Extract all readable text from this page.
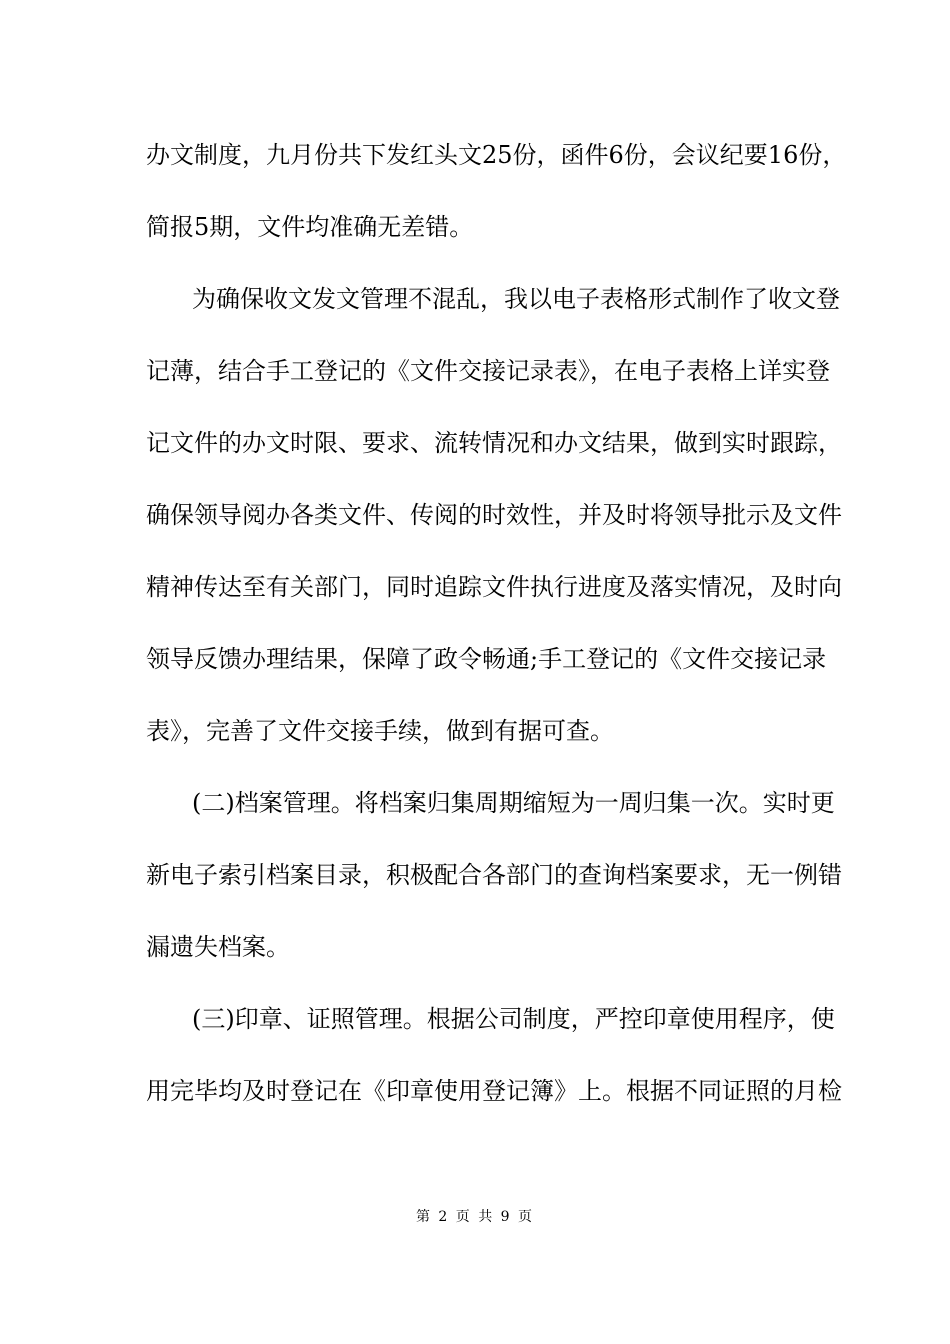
办文制度，九月份共下发红头文25份，函件6份，会议纪要16份，
简报5期，文件均准确无差错。
为确保收文发文管理不混乱，我以电子表格形式制作了收文登
记薄，结合手工登记的《文件交接记录表》，在电子表格上详实登
记文件的办文时限、要求、流转情况和办文结果，做到实时跟踪，
确保领导阅办各类文件、传阅的时效性，并及时将领导批示及文件
精神传达至有关部门，同时追踪文件执行进度及落实情况，及时向
领导反馈办理结果，保障了政令畅通;手工登记的《文件交接记录
表》，完善了文件交接手续，做到有据可查。
(二)档案管理。将档案归集周期缩短为一周归集一次。实时更
新电子索引档案目录，积极配合各部门的查询档案要求，无一例错
漏遗失档案。
(三)印章、证照管理。根据公司制度，严控印章使用程序，使
用完毕均及时登记在《印章使用登记簿》上。根据不同证照的月检
第 2 页 共 9 页
